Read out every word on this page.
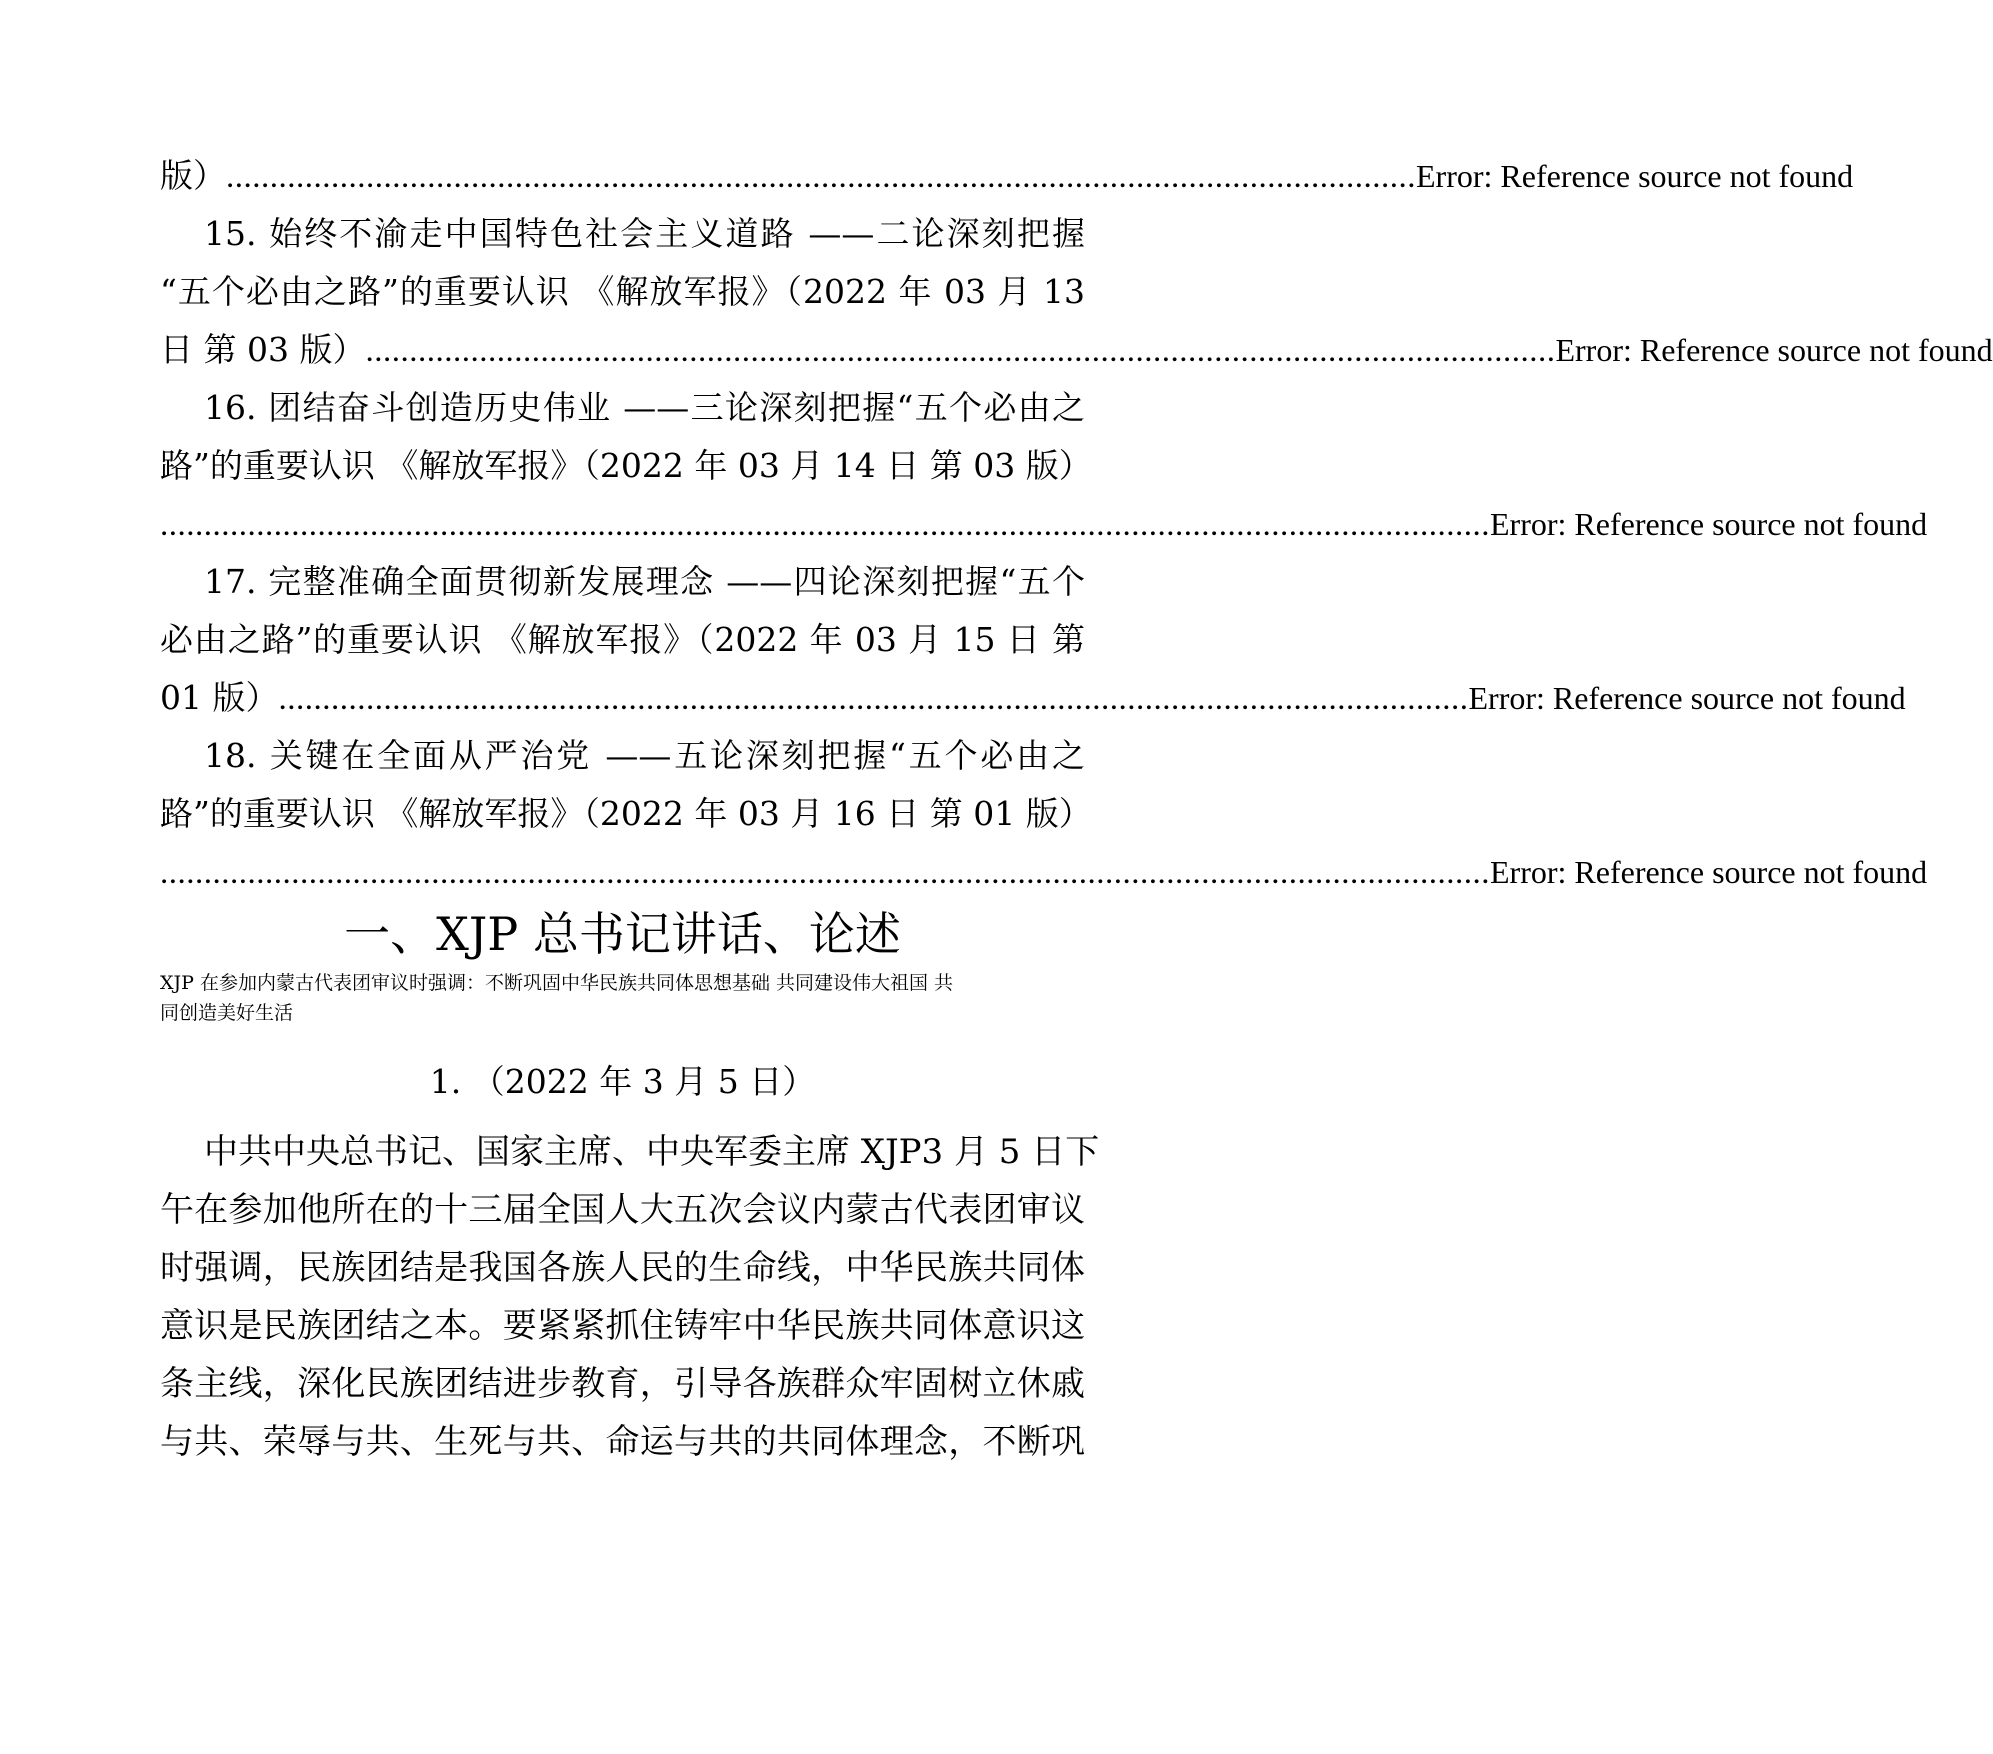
版） ........................................................................................................................................ Error: Reference source not found
15. 始终不渝走中国特色社会主义道路 ——二论深刻把握
“五个必由之路”的重要认识 《解放军报》（2022 年 03 月 13
日 第 03 版） ........................................................................................................................................ Error: Reference source not found
16. 团结奋斗创造历史伟业 ——三论深刻把握“五个必由之
路”的重要认识 《解放军报》（2022 年 03 月 14 日 第 03 版）
........................................................................................................................................................ Error: Reference source not found
17. 完整准确全面贯彻新发展理念 ——四论深刻把握“五个
必由之路”的重要认识 《解放军报》（2022 年 03 月 15 日 第
01 版） ........................................................................................................................................ Error: Reference source not found
18. 关键在全面从严治党 ——五论深刻把握“五个必由之
路”的重要认识 《解放军报》（2022 年 03 月 16 日 第 01 版）
........................................................................................................................................................ Error: Reference source not found
一、XJP 总书记讲话、论述
XJP 在参加内蒙古代表团审议时强调：不断巩固中华民族共同体思想基础 共同建设伟大祖国 共
同创造美好生活
1. （2022 年 3 月 5 日）
中共中央总书记、国家主席、中央军委主席 XJP3 月 5 日下
午在参加他所在的十三届全国人大五次会议内蒙古代表团审议
时强调，民族团结是我国各族人民的生命线，中华民族共同体
意识是民族团结之本。要紧紧抓住铸牢中华民族共同体意识这
条主线，深化民族团结进步教育，引导各族群众牢固树立休戚
与共、荣辱与共、生死与共、命运与共的共同体理念，不断巩
